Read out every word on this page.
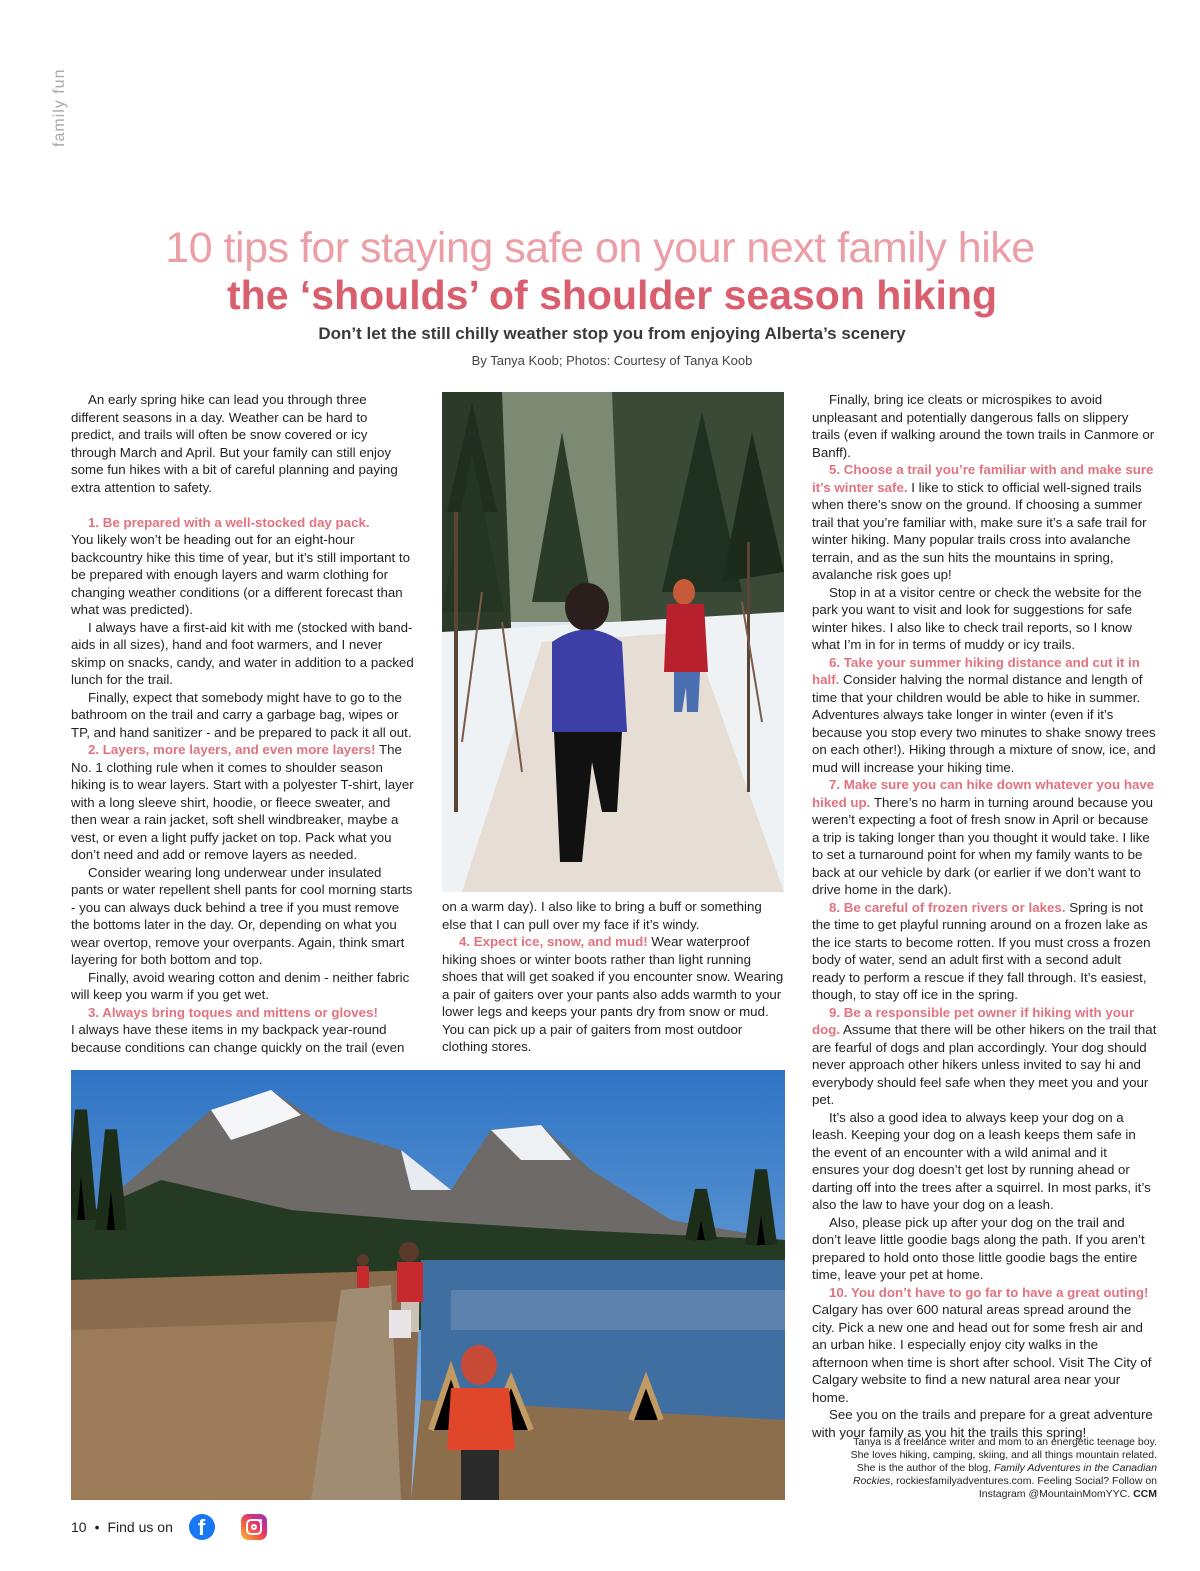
family fun
10 tips for staying safe on your next family hike
the ‘shoulds’ of shoulder season hiking
Don’t let the still chilly weather stop you from enjoying Alberta’s scenery
By Tanya Koob; Photos: Courtesy of Tanya Koob

An early spring hike can lead you through three different seasons in a day. Weather can be hard to predict, and trails will often be snow covered or icy through March and April. But your family can still enjoy some fun hikes with a bit of careful planning and paying extra attention to safety.

1. Be prepared with a well-stocked day pack.

You likely won’t be heading out for an eight-hour backcountry hike this time of year, but it’s still important to be prepared with enough layers and warm clothing for changing weather conditions (or a different forecast than what was predicted).

I always have a first-aid kit with me (stocked with band-aids in all sizes), hand and foot warmers, and I never skimp on snacks, candy, and water in addition to a packed lunch for the trail.

Finally, expect that somebody might have to go to the bathroom on the trail and carry a garbage bag, wipes or TP, and hand sanitizer - and be prepared to pack it all out.

2. Layers, more layers, and even more layers! The No. 1 clothing rule when it comes to shoulder season hiking is to wear layers. Start with a polyester T-shirt, layer with a long sleeve shirt, hoodie, or fleece sweater, and then wear a rain jacket, soft shell windbreaker, maybe a vest, or even a light puffy jacket on top. Pack what you don’t need and add or remove layers as needed.

Consider wearing long underwear under insulated pants or water repellent shell pants for cool morning starts - you can always duck behind a tree if you must remove the bottoms later in the day. Or, depending on what you wear overtop, remove your overpants. Again, think smart layering for both bottom and top.

Finally, avoid wearing cotton and denim - neither fabric will keep you warm if you get wet.

3. Always bring toques and mittens or gloves!

I always have these items in my backpack year-round because conditions can change quickly on the trail (even

on a warm day). I also like to bring a buff or something else that I can pull over my face if it’s windy.

4. Expect ice, snow, and mud! Wear waterproof hiking shoes or winter boots rather than light running shoes that will get soaked if you encounter snow. Wearing a pair of gaiters over your pants also adds warmth to your lower legs and keeps your pants dry from snow or mud. You can pick up a pair of gaiters from most outdoor clothing stores.

Finally, bring ice cleats or microspikes to avoid unpleasant and potentially dangerous falls on slippery trails (even if walking around the town trails in Canmore or Banff).

5. Choose a trail you’re familiar with and make sure it’s winter safe. I like to stick to official well-signed trails when there’s snow on the ground. If choosing a summer trail that you’re familiar with, make sure it’s a safe trail for winter hiking. Many popular trails cross into avalanche terrain, and as the sun hits the mountains in spring, avalanche risk goes up!

Stop in at a visitor centre or check the website for the park you want to visit and look for suggestions for safe winter hikes. I also like to check trail reports, so I know what I’m in for in terms of muddy or icy trails.

6. Take your summer hiking distance and cut it in half. Consider halving the normal distance and length of time that your children would be able to hike in summer. Adventures always take longer in winter (even if it’s because you stop every two minutes to shake snowy trees on each other!). Hiking through a mixture of snow, ice, and mud will increase your hiking time.

7. Make sure you can hike down whatever you have hiked up. There’s no harm in turning around because you weren’t expecting a foot of fresh snow in April or because a trip is taking longer than you thought it would take. I like to set a turnaround point for when my family wants to be back at our vehicle by dark (or earlier if we don’t want to drive home in the dark).

8. Be careful of frozen rivers or lakes. Spring is not the time to get playful running around on a frozen lake as the ice starts to become rotten. If you must cross a frozen body of water, send an adult first with a second adult ready to perform a rescue if they fall through. It’s easiest, though, to stay off ice in the spring.

9. Be a responsible pet owner if hiking with your dog. Assume that there will be other hikers on the trail that are fearful of dogs and plan accordingly. Your dog should never approach other hikers unless invited to say hi and everybody should feel safe when they meet you and your pet.

It’s also a good idea to always keep your dog on a leash. Keeping your dog on a leash keeps them safe in the event of an encounter with a wild animal and it ensures your dog doesn’t get lost by running ahead or darting off into the trees after a squirrel. In most parks, it’s also the law to have your dog on a leash.

Also, please pick up after your dog on the trail and don’t leave little goodie bags along the path. If you aren’t prepared to hold onto those little goodie bags the entire time, leave your pet at home.

10. You don’t have to go far to have a great outing!

Calgary has over 600 natural areas spread around the city. Pick a new one and head out for some fresh air and an urban hike. I especially enjoy city walks in the afternoon when time is short after school. Visit The City of Calgary website to find a new natural area near your home.

See you on the trails and prepare for a great adventure with your family as you hit the trails this spring!

Tanya is a freelance writer and mom to an energetic teenage boy.
She loves hiking, camping, skiing, and all things mountain related.
She is the author of the blog, Family Adventures in the Canadian
Rockies, rockiesfamilyadventures.com. Feeling Social? Follow on
Instagram @MountainMomYYC. CCM
10 • Find us on f
